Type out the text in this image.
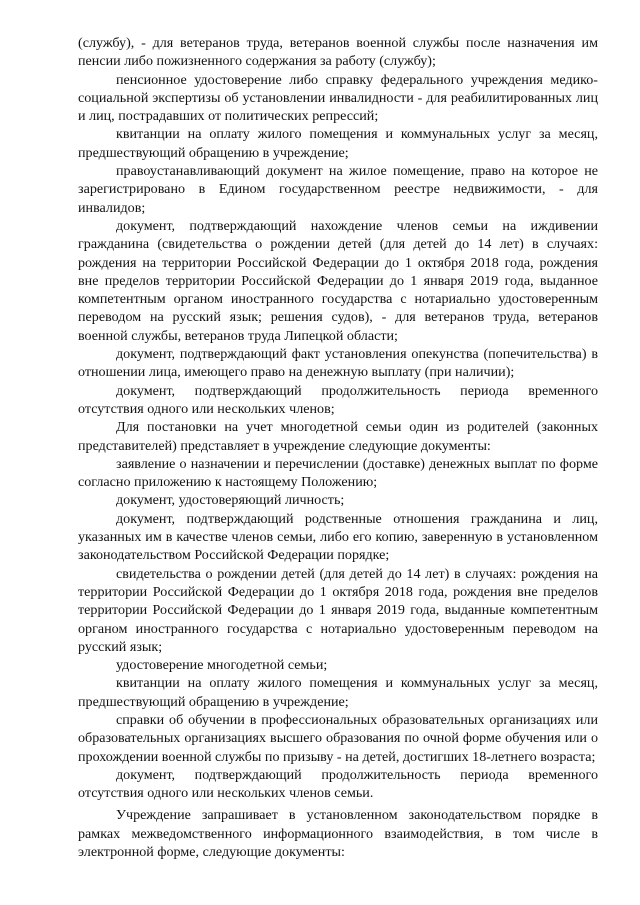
(службу), - для ветеранов труда, ветеранов военной службы после назначения им пенсии либо пожизненного содержания за работу (службу);

пенсионное удостоверение либо справку федерального учреждения медико-социальной экспертизы об установлении инвалидности - для реабилитированных лиц и лиц, пострадавших от политических репрессий;

квитанции на оплату жилого помещения и коммунальных услуг за месяц, предшествующий обращению в учреждение;

правоустанавливающий документ на жилое помещение, право на которое не зарегистрировано в Едином государственном реестре недвижимости, - для инвалидов;

документ, подтверждающий нахождение членов семьи на иждивении гражданина (свидетельства о рождении детей (для детей до 14 лет) в случаях: рождения на территории Российской Федерации до 1 октября 2018 года, рождения вне пределов территории Российской Федерации до 1 января 2019 года, выданное компетентным органом иностранного государства с нотариально удостоверенным переводом на русский язык; решения судов), - для ветеранов труда, ветеранов военной службы, ветеранов труда Липецкой области;

документ, подтверждающий факт установления опекунства (попечительства) в отношении лица, имеющего право на денежную выплату (при наличии);

документ, подтверждающий продолжительность периода временного отсутствия одного или нескольких членов;

Для постановки на учет многодетной семьи один из родителей (законных представителей) представляет в учреждение следующие документы:

заявление о назначении и перечислении (доставке) денежных выплат по форме согласно приложению к настоящему Положению;

документ, удостоверяющий личность;

документ, подтверждающий родственные отношения гражданина и лиц, указанных им в качестве членов семьи, либо его копию, заверенную в установленном законодательством Российской Федерации порядке;

свидетельства о рождении детей (для детей до 14 лет) в случаях: рождения на территории Российской Федерации до 1 октября 2018 года, рождения вне пределов территории Российской Федерации до 1 января 2019 года, выданные компетентным органом иностранного государства с нотариально удостоверенным переводом на русский язык;

удостоверение многодетной семьи;

квитанции на оплату жилого помещения и коммунальных услуг за месяц, предшествующий обращению в учреждение;

справки об обучении в профессиональных образовательных организациях или образовательных организациях высшего образования по очной форме обучения или о прохождении военной службы по призыву - на детей, достигших 18-летнего возраста;

документ, подтверждающий продолжительность периода временного отсутствия одного или нескольких членов семьи.

Учреждение запрашивает в установленном законодательством порядке в рамках межведомственного информационного взаимодействия, в том числе в электронной форме, следующие документы:
